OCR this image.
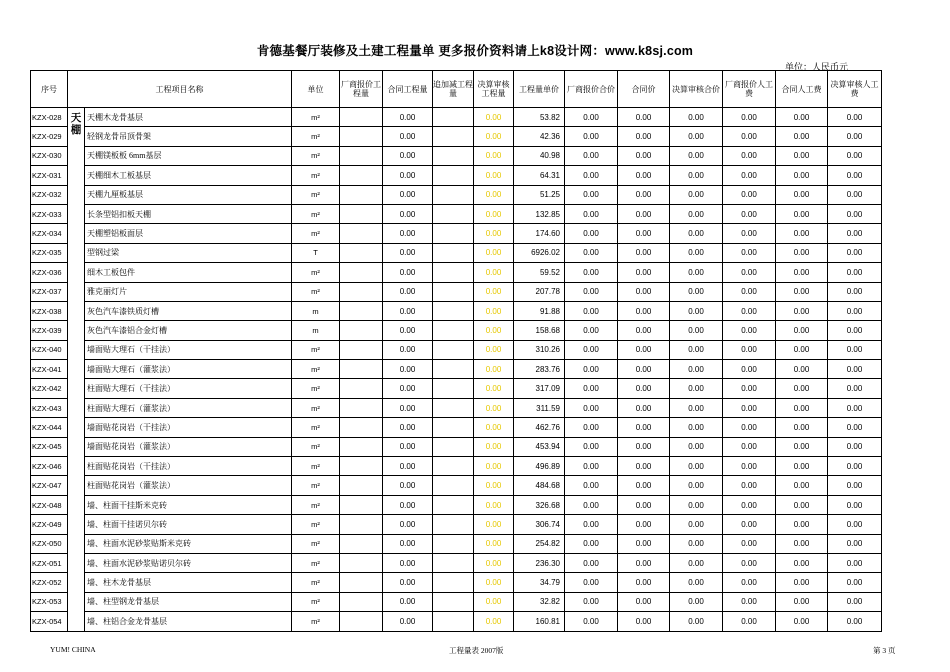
肯德基餐厅装修及土建工程量单 更多报价资料请上k8设计网：www.k8sj.com
单位：人民币元
序号	工程项目名称		单位	厂商报价工程量	合同工程量	追加减工程量	决算审核工程量	工程量单价	厂商报价合价	合同价	决算审核合价	厂商报价人工费	合同人工费	决算审核人工费
KZX-028	天棚	天棚木龙骨基层	m²		0.00		0.00	53.82	0.00	0.00	0.00	0.00	0.00	0.00
KZX-029		轻钢龙骨吊顶骨架	m²		0.00		0.00	42.36	0.00	0.00	0.00	0.00	0.00	0.00
KZX-030		天棚镁板板 6mm基层	m²		0.00		0.00	40.98	0.00	0.00	0.00	0.00	0.00	0.00
KZX-031		天棚细木工板基层	m²		0.00		0.00	64.31	0.00	0.00	0.00	0.00	0.00	0.00
KZX-032		天棚九厘板基层	m²		0.00		0.00	51.25	0.00	0.00	0.00	0.00	0.00	0.00
KZX-033		长条型铝扣板天棚	m²		0.00		0.00	132.85	0.00	0.00	0.00	0.00	0.00	0.00
KZX-034		天棚塑铝板面层	m²		0.00		0.00	174.60	0.00	0.00	0.00	0.00	0.00	0.00
KZX-035		型钢过梁	T		0.00		0.00	6926.02	0.00	0.00	0.00	0.00	0.00	0.00
KZX-036		细木工板包件	m²		0.00		0.00	59.52	0.00	0.00	0.00	0.00	0.00	0.00
KZX-037		雅克丽灯片	m²		0.00		0.00	207.78	0.00	0.00	0.00	0.00	0.00	0.00
KZX-038		灰色汽车漆铁质灯槽	m		0.00		0.00	91.88	0.00	0.00	0.00	0.00	0.00	0.00
KZX-039		灰色汽车漆铝合金灯槽	m		0.00		0.00	158.68	0.00	0.00	0.00	0.00	0.00	0.00
KZX-040		墙面贴大理石（干挂法）	m²		0.00		0.00	310.26	0.00	0.00	0.00	0.00	0.00	0.00
KZX-041		墙面贴大理石（灌浆法）	m²		0.00		0.00	283.76	0.00	0.00	0.00	0.00	0.00	0.00
KZX-042		柱面贴大理石（干挂法）	m²		0.00		0.00	317.09	0.00	0.00	0.00	0.00	0.00	0.00
KZX-043		柱面贴大理石（灌浆法）	m²		0.00		0.00	311.59	0.00	0.00	0.00	0.00	0.00	0.00
KZX-044		墙面贴花岗岩（干挂法）	m²		0.00		0.00	462.76	0.00	0.00	0.00	0.00	0.00	0.00
KZX-045		墙面贴花岗岩（灌浆法）	m²		0.00		0.00	453.94	0.00	0.00	0.00	0.00	0.00	0.00
KZX-046		柱面贴花岗岩（干挂法）	m²		0.00		0.00	496.89	0.00	0.00	0.00	0.00	0.00	0.00
KZX-047		柱面贴花岗岩（灌浆法）	m²		0.00		0.00	484.68	0.00	0.00	0.00	0.00	0.00	0.00
KZX-048		墙、柱面干挂斯米克砖	m²		0.00		0.00	326.68	0.00	0.00	0.00	0.00	0.00	0.00
KZX-049		墙、柱面干挂诺贝尔砖	m²		0.00		0.00	306.74	0.00	0.00	0.00	0.00	0.00	0.00
KZX-050		墙、柱面水泥砂浆贴斯米克砖	m²		0.00		0.00	254.82	0.00	0.00	0.00	0.00	0.00	0.00
KZX-051		墙、柱面水泥砂浆贴诺贝尔砖	m²		0.00		0.00	236.30	0.00	0.00	0.00	0.00	0.00	0.00
KZX-052		墙、柱木龙骨基层	m²		0.00		0.00	34.79	0.00	0.00	0.00	0.00	0.00	0.00
KZX-053		墙、柱型钢龙骨基层	m²		0.00		0.00	32.82	0.00	0.00	0.00	0.00	0.00	0.00
KZX-054		墙、柱铝合金龙骨基层	m²		0.00		0.00	160.81	0.00	0.00	0.00	0.00	0.00	0.00
YUM! CHINA	工程量表 2007版	第 3 页
